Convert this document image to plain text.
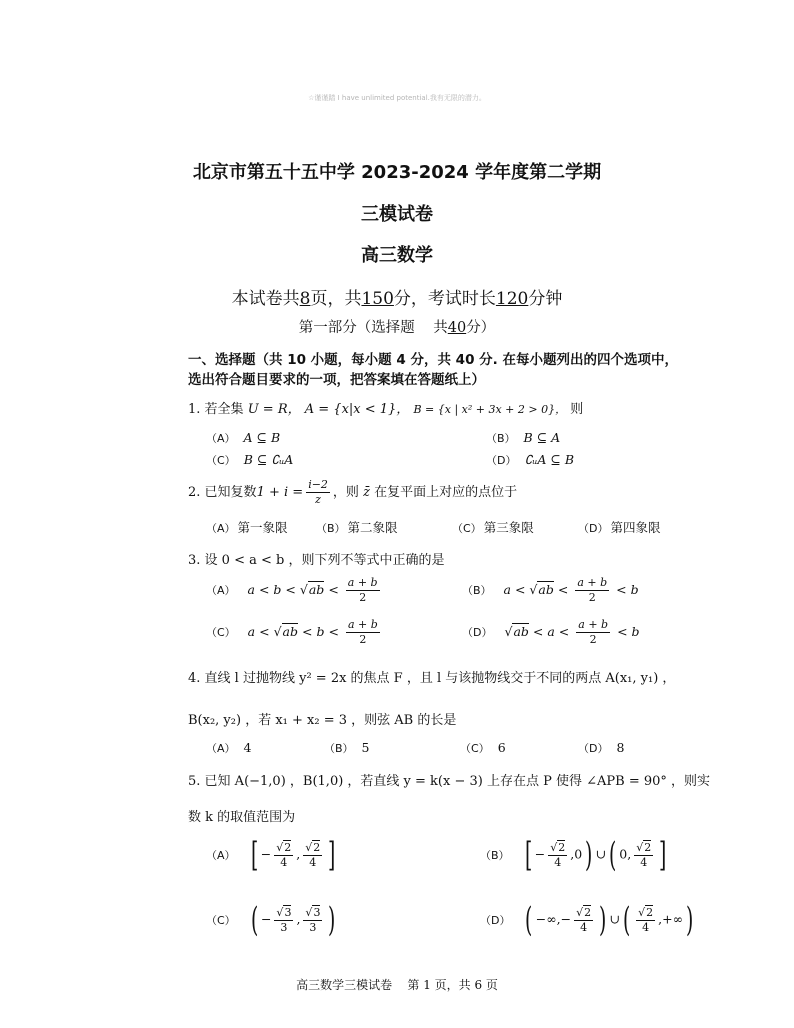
☆谨谨踏 I have unlimited potential.我有无限的潜力。
北京市第五十五中学 2023-2024 学年度第二学期
三模试卷
高三数学
本试卷共8页，共150分，考试时长120分钟
第一部分（选择题 共40分）
一、选择题（共 10 小题，每小题 4 分，共 40 分. 在每小题列出的四个选项中，
选出符合题目要求的一项，把答案填在答题纸上）
1. 若全集 U = R， A = {x|x < 1}， B = {x | x² + 3x + 2 > 0}， 则
（A） A ⊆ B	（B） B ⊆ A
（C） B ⊆ ∁ᵤA	（D） ∁ᵤA ⊆ B
2. 已知复数$1 + i = \frac{i-2}{z}$ ，则 z̄ 在复平面上对应的点位于
（A） 第一象限	（B） 第二象限	（C） 第三象限	（D） 第四象限
3. 设 0 < a < b ，则下列不等式中正确的是
（A） $a < b < √ab < \frac{a + b}{2}$	（B） $a < √ab < \frac{a + b}{2} < b$
（C） $a < √ab < b < \frac{a + b}{2}$	（D） $√ab < a < \frac{a + b}{2} < b$
4. 直线 l 过抛物线 y² = 2x 的焦点 F ，且 l 与该抛物线交于不同的两点 A(x₁, y₁) ，
B(x₂, y₂) ，若 x₁ + x₂ = 3 ，则弦 AB 的长是
（A） 4	（B） 5	（C） 6	（D） 8
5. 已知 A(−1,0) ，B(1,0) ，若直线 y = k(x − 3) 上存在点 P 使得 ∠APB = 90° ，则实
数 k 的取值范围为
（A） [ − $\frac{√2}{4}$ , $\frac{√2}{4}$ ]	（B） [ − $\frac{√2}{4} ,0$) ∪( 0, $\frac{√2}{4}$ ]
（C） ( − $\frac{√3}{3}$ , $\frac{√3}{3}$ )	（D） ( −∞,− $\frac{√2}{4}$ ) ∪( $\frac{√2}{4}$ ,+∞)
高三数学三模试卷 第 1 页，共 6 页
